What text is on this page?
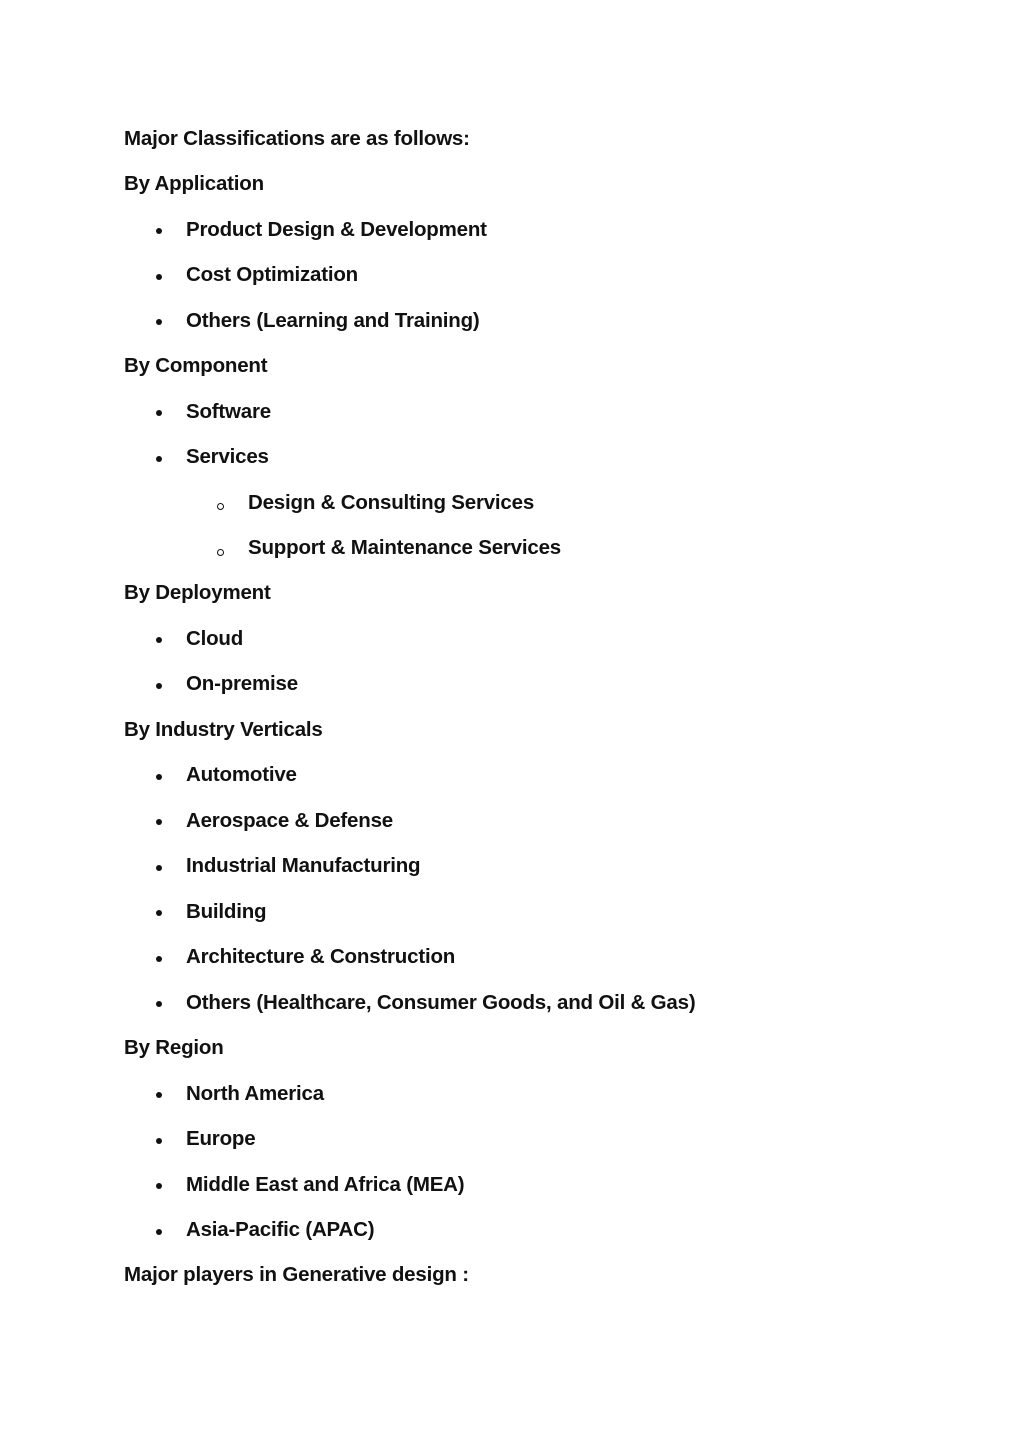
Major Classifications are as follows:
By Application
Product Design & Development
Cost Optimization
Others (Learning and Training)
By Component
Software
Services
Design & Consulting Services
Support & Maintenance Services
By Deployment
Cloud
On-premise
By Industry Verticals
Automotive
Aerospace & Defense
Industrial Manufacturing
Building
Architecture & Construction
Others (Healthcare, Consumer Goods, and Oil & Gas)
By Region
North America
Europe
Middle East and Africa (MEA)
Asia-Pacific (APAC)
Major players in Generative design :
